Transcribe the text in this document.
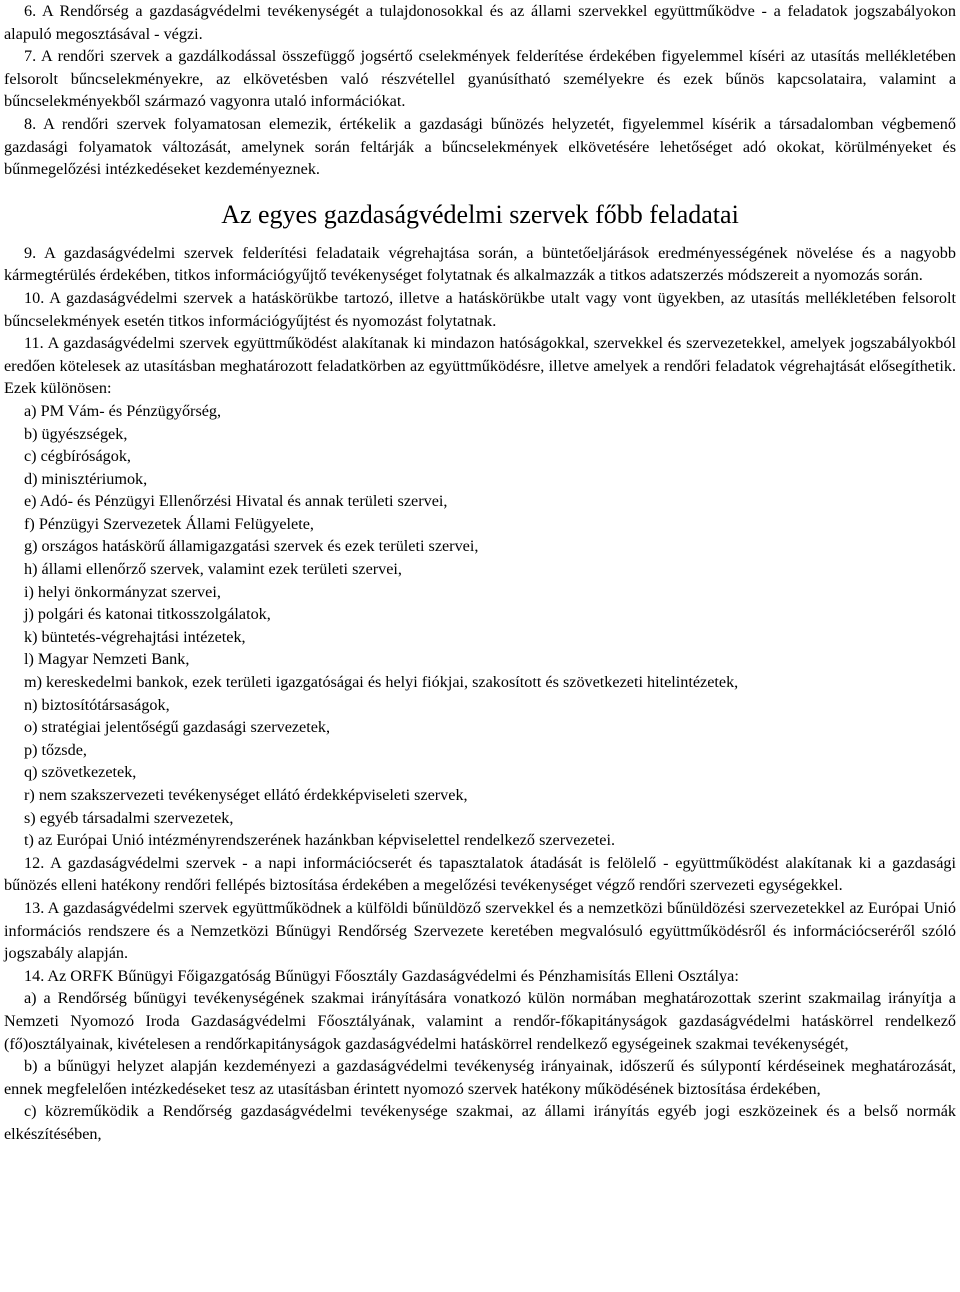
6. A Rendőrség a gazdaságvédelmi tevékenységét a tulajdonosokkal és az állami szervekkel együttműködve - a feladatok jogszabályokon alapuló megosztásával - végzi.

7. A rendőri szervek a gazdálkodással összefüggő jogsértő cselekmények felderítése érdekében figyelemmel kíséri az utasítás mellékletében felsorolt bűncselekményekre, az elkövetésben való részvétellel gyanúsítható személyekre és ezek bűnös kapcsolataira, valamint a bűncselekményekből származó vagyonra utaló információkat.

8. A rendőri szervek folyamatosan elemezik, értékelik a gazdasági bűnözés helyzetét, figyelemmel kísérik a társadalomban végbemenő gazdasági folyamatok változását, amelynek során feltárják a bűncselekmények elkövetésére lehetőséget adó okokat, körülményeket és bűnmegelőzési intézkedéseket kezdeményeznek.

Az egyes gazdaságvédelmi szervek főbb feladatai

9. A gazdaságvédelmi szervek felderítési feladataik végrehajtása során, a büntetőeljárások eredményességének növelése és a nagyobb kármegtérülés érdekében, titkos információgyűjtő tevékenységet folytatnak és alkalmazzák a titkos adatszerzés módszereit a nyomozás során.

10. A gazdaságvédelmi szervek a hatáskörükbe tartozó, illetve a hatáskörükbe utalt vagy vont ügyekben, az utasítás mellékletében felsorolt bűncselekmények esetén titkos információgyűjtést és nyomozást folytatnak.

11. A gazdaságvédelmi szervek együttműködést alakítanak ki mindazon hatóságokkal, szervekkel és szervezetekkel, amelyek jogszabályokból eredően kötelesek az utasításban meghatározott feladatkörben az együttműködésre, illetve amelyek a rendőri feladatok végrehajtását elősegíthetik. Ezek különösen:

a) PM Vám- és Pénzügyőrség,
b) ügyészségek,
c) cégbíróságok,
d) minisztériumok,
e) Adó- és Pénzügyi Ellenőrzési Hivatal és annak területi szervei,
f) Pénzügyi Szervezetek Állami Felügyelete,
g) országos hatáskörű államigazgatási szervek és ezek területi szervei,
h) állami ellenőrző szervek, valamint ezek területi szervei,
i) helyi önkormányzat szervei,
j) polgári és katonai titkosszolgálatok,
k) büntetés-végrehajtási intézetek,
l) Magyar Nemzeti Bank,
m) kereskedelmi bankok, ezek területi igazgatóságai és helyi fiókjai, szakosított és szövetkezeti hitelintézetek,
n) biztosítótársaságok,
o) stratégiai jelentőségű gazdasági szervezetek,
p) tőzsde,
q) szövetkezetek,
r) nem szakszervezeti tevékenységet ellátó érdekképviseleti szervek,
s) egyéb társadalmi szervezetek,
t) az Európai Unió intézményrendszerének hazánkban képviselettel rendelkező szervezetei.

12. A gazdaságvédelmi szervek - a napi információcserét és tapasztalatok átadását is felölelő - együttműködést alakítanak ki a gazdasági bűnözés elleni hatékony rendőri fellépés biztosítása érdekében a megelőzési tevékenységet végző rendőri szervezeti egységekkel.

13. A gazdaságvédelmi szervek együttműködnek a külföldi bűnüldöző szervekkel és a nemzetközi bűnüldözési szervezetekkel az Európai Unió információs rendszere és a Nemzetközi Bűnügyi Rendőrség Szervezete keretében megvalósuló együttműködésről és információcseréről szóló jogszabály alapján.

14. Az ORFK Bűnügyi Főigazgatóság Bűnügyi Főosztály Gazdaságvédelmi és Pénzhamisítás Elleni Osztálya:

a) a Rendőrség bűnügyi tevékenységének szakmai irányítására vonatkozó külön normában meghatározottak szerint szakmailag irányítja a Nemzeti Nyomozó Iroda Gazdaságvédelmi Főosztályának, valamint a rendőr-főkapitányságok gazdaságvédelmi hatáskörrel rendelkező (fő)osztályainak, kivételesen a rendőrkapitányságok gazdaságvédelmi hatáskörrel rendelkező egységeinek szakmai tevékenységét,

b) a bűnügyi helyzet alapján kezdeményezi a gazdaságvédelmi tevékenység irányainak, időszerű és súlypontí kérdéseinek meghatározását, ennek megfelelően intézkedéseket tesz az utasításban érintett nyomozó szervek hatékony működésének biztosítása érdekében,

c) közreműködik a Rendőrség gazdaságvédelmi tevékenysége szakmai, az állami irányítás egyéb jogi eszközeinek és a belső normák elkészítésében,
